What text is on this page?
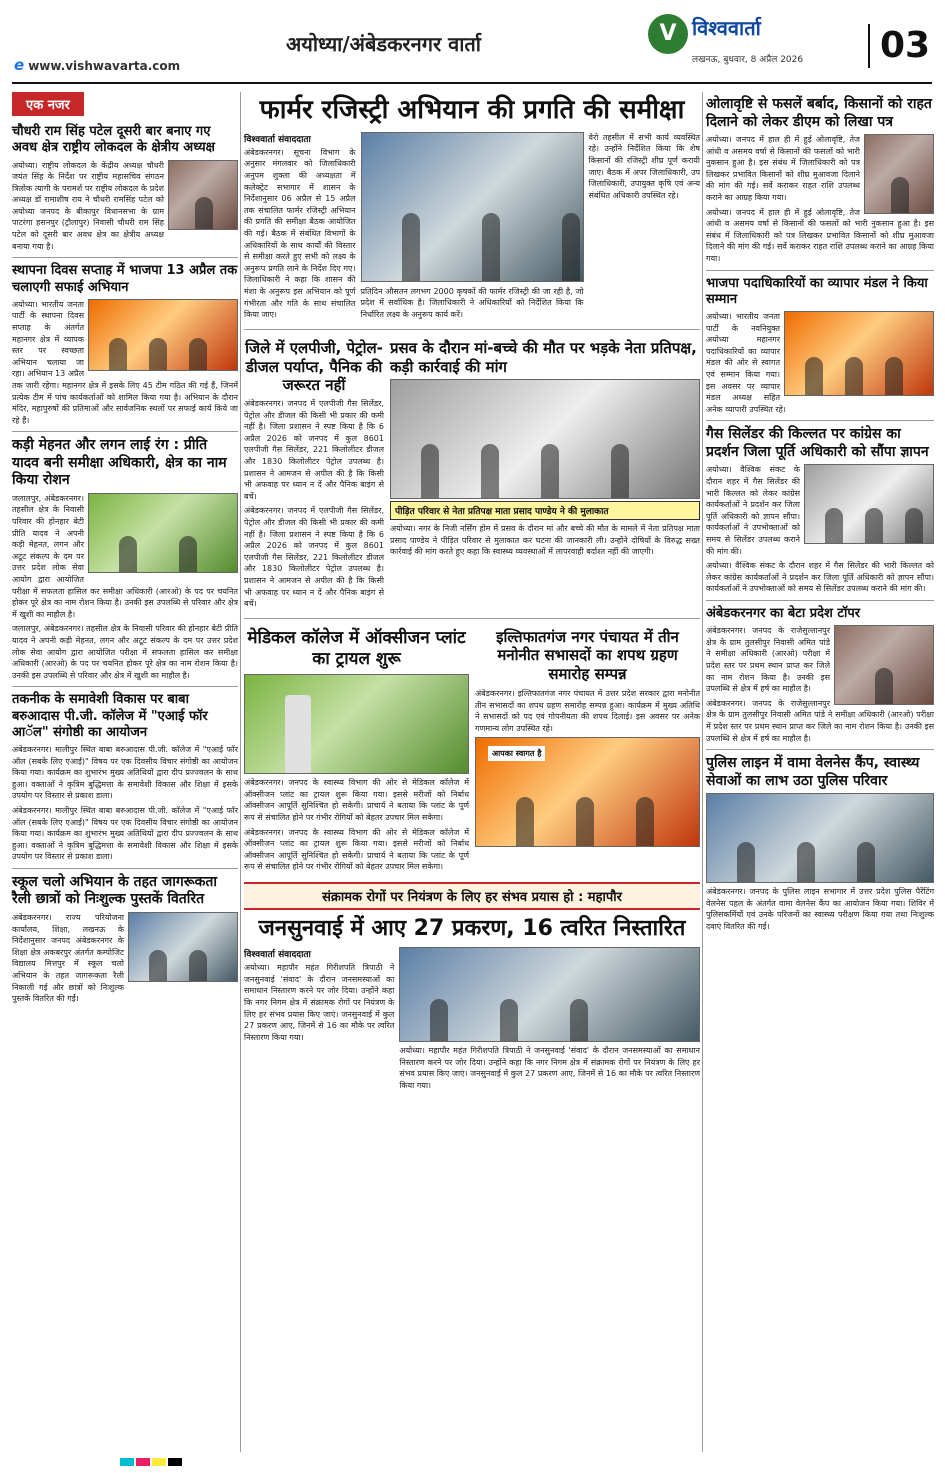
अयोध्या/अंबेडकरनगर वार्ता
e www.vishwavarta.com
V विश्ववार्ता
लखनऊ, बुधवार, 8 अप्रैल 2026	03
एक नजर
चौधरी राम सिंह पटेल दूसरी बार बनाए गए अवध क्षेत्र राष्ट्रीय लोकदल के क्षेत्रीय अध्यक्ष

अयोध्या। राष्ट्रीय लोकदल के केंद्रीय अध्यक्ष चौधरी जयंत सिंह के निर्देश पर राष्ट्रीय महासचिव संगठन त्रिलोक त्यागी के परामर्श पर राष्ट्रीय लोकदल के प्रदेश अध्यक्ष डॉ रामाशीष राय ने चौधरी रामसिंह पटेल को अयोध्या जनपद के बीकापुर विधानसभा के ग्राम पाटरंगा हसनपुर (ट्रौलापुर) निवासी चौधरी राम सिंह पटेल को दूसरी बार अवध क्षेत्र का क्षेत्रीय अध्यक्ष बनाया गया है।

स्थापना दिवस सप्ताह में भाजपा 13 अप्रैल तक चलाएगी सफाई अभियान

अयोध्या। भारतीय जनता पार्टी के स्थापना दिवस सप्ताह के अंतर्गत महानगर क्षेत्र में व्यापक स्तर पर स्वच्छता अभियान चलाया जा रहा। अभियान 13 अप्रैल तक जारी रहेगा। महानगर क्षेत्र में इसके लिए 45 टीम गठित की गई हैं, जिनमें प्रत्येक टीम में पांच कार्यकर्ताओं को शामिल किया गया है। अभियान के दौरान मंदिर, महापुरुषों की प्रतिमाओं और सार्वजनिक स्थलों पर सफाई कार्य किये जा रहे हैं।

कड़ी मेहनत और लगन लाई रंग : प्रीति यादव बनी समीक्षा अधिकारी, क्षेत्र का नाम किया रोशन

जलालपुर, अंबेडकरनगर। तहसील क्षेत्र के निवासी परिवार की होनहार बेटी प्रीति यादव ने अपनी कड़ी मेहनत, लगन और अटूट संकल्प के दम पर उत्तर प्रदेश लोक सेवा आयोग द्वारा आयोजित परीक्षा में सफलता हासिल कर समीक्षा अधिकारी (आरओ) के पद पर चयनित होकर पूरे क्षेत्र का नाम रोशन किया है। उनकी इस उपलब्धि से परिवार और क्षेत्र में खुशी का माहौल है।

जलालपुर, अंबेडकरनगर। तहसील क्षेत्र के निवासी परिवार की होनहार बेटी प्रीति यादव ने अपनी कड़ी मेहनत, लगन और अटूट संकल्प के दम पर उत्तर प्रदेश लोक सेवा आयोग द्वारा आयोजित परीक्षा में सफलता हासिल कर समीक्षा अधिकारी (आरओ) के पद पर चयनित होकर पूरे क्षेत्र का नाम रोशन किया है। उनकी इस उपलब्धि से परिवार और क्षेत्र में खुशी का माहौल है।

तकनीक के समावेशी विकास पर बाबा बरुआदास पी.जी. कॉलेज में "एआई फॉर आॅल" संगोष्ठी का आयोजन

अंबेडकरनगर। मालीपुर स्थित बाबा बरुआदास पी.जी. कॉलेज में "एआई फॉर ऑल (सबके लिए एआई)" विषय पर एक दिवसीय विचार संगोष्ठी का आयोजन किया गया। कार्यक्रम का शुभारंभ मुख्य अतिथियों द्वारा दीप प्रज्ज्वलन के साथ हुआ। वक्ताओं ने कृत्रिम बुद्धिमत्ता के समावेशी विकास और शिक्षा में इसके उपयोग पर विस्तार से प्रकाश डाला।

अंबेडकरनगर। मालीपुर स्थित बाबा बरुआदास पी.जी. कॉलेज में "एआई फॉर ऑल (सबके लिए एआई)" विषय पर एक दिवसीय विचार संगोष्ठी का आयोजन किया गया। कार्यक्रम का शुभारंभ मुख्य अतिथियों द्वारा दीप प्रज्ज्वलन के साथ हुआ। वक्ताओं ने कृत्रिम बुद्धिमत्ता के समावेशी विकास और शिक्षा में इसके उपयोग पर विस्तार से प्रकाश डाला।

स्कूल चलो अभियान के तहत जागरूकता रैली छात्रों को निःशुल्क पुस्तकें वितरित

अंबेडकरनगर। राज्य परियोजना कार्यालय, शिक्षा, लखनऊ के निर्देशानुसार जनपद अंबेडकरनगर के शिक्षा क्षेत्र अकबरपुर अंतर्गत कम्पोजिट विद्यालय मित्तपुर में स्कूल चलो अभियान के तहत जागरूकता रैली निकाली गई और छात्रों को निःशुल्क पुस्तकें वितरित की गईं।

फार्मर रजिस्ट्री अभियान की प्रगति की समीक्षा
विश्ववार्ता संवाददाता

अंबेडकरनगर। सूचना विभाग के अनुसार मंगलवार को जिलाधिकारी अनुपम शुक्ला की अध्यक्षता में कलेक्ट्रेट सभागार में शासन के निर्देशानुसार 06 अप्रैल से 15 अप्रैल तक संचालित फार्मर रजिस्ट्री अभियान की प्रगति की समीक्षा बैठक आयोजित की गई। बैठक में संबंधित विभागों के अधिकारियों के साथ कार्यों की विस्तार से समीक्षा करते हुए सभी को लक्ष्य के अनुरूप प्रगति लाने के निर्देश दिए गए। जिलाधिकारी ने कहा कि शासन की मंशा के अनुरूप इस अभियान को पूर्ण गंभीरता और गति के साथ संचालित किया जाए।

प्रतिदिन औसतन लगभग 2000 कृषकों की फार्मर रजिस्ट्री की जा रही है, जो प्रदेश में सर्वाधिक है। जिलाधिकारी ने अधिकारियों को निर्देशित किया कि निर्धारित लक्ष्य के अनुरूप कार्य करें।

वेरो तहसील में सभी कार्य व्यवस्थित रहे। उन्होंने निर्देशित किया कि शेष किसानों की रजिस्ट्री शीघ्र पूर्ण करायी जाए। बैठक में अपर जिलाधिकारी, उप जिलाधिकारी, उपायुक्त कृषि एवं अन्य संबंधित अधिकारी उपस्थित रहे।

जिले में एलपीजी, पेट्रोल-डीजल पर्याप्त, पैनिक की जरूरत नहीं

अंबेडकरनगर। जनपद में एलपीजी गैस सिलेंडर, पेट्रोल और डीजल की किसी भी प्रकार की कमी नहीं है। जिला प्रशासन ने स्पष्ट किया है कि 6 अप्रैल 2026 को जनपद में कुल 8601 एलपीजी गैस सिलेंडर, 221 किलोलीटर डीजल और 1830 किलोलीटर पेट्रोल उपलब्ध है। प्रशासन ने आमजन से अपील की है कि किसी भी अफवाह पर ध्यान न दें और पैनिक बाइंग से बचें।

अंबेडकरनगर। जनपद में एलपीजी गैस सिलेंडर, पेट्रोल और डीजल की किसी भी प्रकार की कमी नहीं है। जिला प्रशासन ने स्पष्ट किया है कि 6 अप्रैल 2026 को जनपद में कुल 8601 एलपीजी गैस सिलेंडर, 221 किलोलीटर डीजल और 1830 किलोलीटर पेट्रोल उपलब्ध है। प्रशासन ने आमजन से अपील की है कि किसी भी अफवाह पर ध्यान न दें और पैनिक बाइंग से बचें।

प्रसव के दौरान मां-बच्चे की मौत पर भड़के नेता प्रतिपक्ष, कड़ी कार्रवाई की मांग
पीड़ित परिवार से नेता प्रतिपक्ष माता प्रसाद पाण्डेय ने की मुलाकात

अयोध्या। नगर के निजी नर्सिंग होम में प्रसव के दौरान मां और बच्चे की मौत के मामले में नेता प्रतिपक्ष माता प्रसाद पाण्डेय ने पीड़ित परिवार से मुलाकात कर घटना की जानकारी ली। उन्होंने दोषियों के विरुद्ध सख्त कार्रवाई की मांग करते हुए कहा कि स्वास्थ्य व्यवस्थाओं में लापरवाही बर्दाश्त नहीं की जाएगी।

मेडिकल कॉलेज में ऑक्सीजन प्लांट का ट्रायल शुरू

अंबेडकरनगर। जनपद के स्वास्थ्य विभाग की ओर से मेडिकल कॉलेज में ऑक्सीजन प्लांट का ट्रायल शुरू किया गया। इससे मरीजों को निर्बाध ऑक्सीजन आपूर्ति सुनिश्चित हो सकेगी। प्राचार्य ने बताया कि प्लांट के पूर्ण रूप से संचालित होने पर गंभीर रोगियों को बेहतर उपचार मिल सकेगा।

अंबेडकरनगर। जनपद के स्वास्थ्य विभाग की ओर से मेडिकल कॉलेज में ऑक्सीजन प्लांट का ट्रायल शुरू किया गया। इससे मरीजों को निर्बाध ऑक्सीजन आपूर्ति सुनिश्चित हो सकेगी। प्राचार्य ने बताया कि प्लांट के पूर्ण रूप से संचालित होने पर गंभीर रोगियों को बेहतर उपचार मिल सकेगा।

इल्तिफातगंज नगर पंचायत में तीन मनोनीत सभासदों का शपथ ग्रहण समारोह सम्पन्न

अंबेडकरनगर। इल्तिफातगंज नगर पंचायत में उत्तर प्रदेश सरकार द्वारा मनोनीत तीन सभासदों का शपथ ग्रहण समारोह सम्पन्न हुआ। कार्यक्रम में मुख्य अतिथि ने सभासदों को पद एवं गोपनीयता की शपथ दिलाई। इस अवसर पर अनेक गणमान्य लोग उपस्थित रहे।

आपका स्वागत है
संक्रामक रोगों पर नियंत्रण के लिए हर संभव प्रयास हो : महापौर
जनसुनवाई में आए 27 प्रकरण, 16 त्वरित निस्तारित
विश्ववार्ता संवाददाता

अयोध्या। महापौर महंत गिरीशपति त्रिपाठी ने जनसुनवाई 'संवाद' के दौरान जनसमस्याओं का समाधान निस्तारण करने पर जोर दिया। उन्होंने कहा कि नगर निगम क्षेत्र में संक्रामक रोगों पर नियंत्रण के लिए हर संभव प्रयास किए जाएं। जनसुनवाई में कुल 27 प्रकरण आए, जिनमें से 16 का मौके पर त्वरित निस्तारण किया गया।

अयोध्या। महापौर महंत गिरीशपति त्रिपाठी ने जनसुनवाई 'संवाद' के दौरान जनसमस्याओं का समाधान निस्तारण करने पर जोर दिया। उन्होंने कहा कि नगर निगम क्षेत्र में संक्रामक रोगों पर नियंत्रण के लिए हर संभव प्रयास किए जाएं। जनसुनवाई में कुल 27 प्रकरण आए, जिनमें से 16 का मौके पर त्वरित निस्तारण किया गया।

ओलावृष्टि से फसलें बर्बाद, किसानों को राहत दिलाने को लेकर डीएम को लिखा पत्र

अयोध्या। जनपद में हाल ही में हुई ओलावृष्टि, तेज आंधी व असमय वर्षा से किसानों की फसलों को भारी नुकसान हुआ है। इस संबंध में जिलाधिकारी को पत्र लिखकर प्रभावित किसानों को शीघ्र मुआवजा दिलाने की मांग की गई। सर्वे कराकर राहत राशि उपलब्ध कराने का आग्रह किया गया।

अयोध्या। जनपद में हाल ही में हुई ओलावृष्टि, तेज आंधी व असमय वर्षा से किसानों की फसलों को भारी नुकसान हुआ है। इस संबंध में जिलाधिकारी को पत्र लिखकर प्रभावित किसानों को शीघ्र मुआवजा दिलाने की मांग की गई। सर्वे कराकर राहत राशि उपलब्ध कराने का आग्रह किया गया।

भाजपा पदाधिकारियों का व्यापार मंडल ने किया सम्मान

अयोध्या। भारतीय जनता पार्टी के नवनियुक्त अयोध्या महानगर पदाधिकारियों का व्यापार मंडल की ओर से स्वागत एवं सम्मान किया गया। इस अवसर पर व्यापार मंडल अध्यक्ष सहित अनेक व्यापारी उपस्थित रहे।

गैस सिलेंडर की किल्लत पर कांग्रेस का प्रदर्शन जिला पूर्ति अधिकारी को सौंपा ज्ञापन

अयोध्या। वैश्विक संकट के दौरान शहर में गैस सिलेंडर की भारी किल्लत को लेकर कांग्रेस कार्यकर्ताओं ने प्रदर्शन कर जिला पूर्ति अधिकारी को ज्ञापन सौंपा। कार्यकर्ताओं ने उपभोक्ताओं को समय से सिलेंडर उपलब्ध कराने की मांग की।

अयोध्या। वैश्विक संकट के दौरान शहर में गैस सिलेंडर की भारी किल्लत को लेकर कांग्रेस कार्यकर्ताओं ने प्रदर्शन कर जिला पूर्ति अधिकारी को ज्ञापन सौंपा। कार्यकर्ताओं ने उपभोक्ताओं को समय से सिलेंडर उपलब्ध कराने की मांग की।

अंबेडकरनगर का बेटा प्रदेश टॉपर

अंबेडकरनगर। जनपद के राजेसुल्तानपुर क्षेत्र के ग्राम तुलसीपुर निवासी अमित पांडे ने समीक्षा अधिकारी (आरओ) परीक्षा में प्रदेश स्तर पर प्रथम स्थान प्राप्त कर जिले का नाम रोशन किया है। उनकी इस उपलब्धि से क्षेत्र में हर्ष का माहौल है।

अंबेडकरनगर। जनपद के राजेसुल्तानपुर क्षेत्र के ग्राम तुलसीपुर निवासी अमित पांडे ने समीक्षा अधिकारी (आरओ) परीक्षा में प्रदेश स्तर पर प्रथम स्थान प्राप्त कर जिले का नाम रोशन किया है। उनकी इस उपलब्धि से क्षेत्र में हर्ष का माहौल है।

पुलिस लाइन में वामा वेलनेस कैंप, स्वास्थ्य सेवाओं का लाभ उठा पुलिस परिवार

अंबेडकरनगर। जनपद के पुलिस लाइन सभागार में उत्तर प्रदेश पुलिस पैरेंटिंग वेलनेस पहल के अंतर्गत वामा वेलनेस कैंप का आयोजन किया गया। शिविर में पुलिसकर्मियों एवं उनके परिजनों का स्वास्थ्य परीक्षण किया गया तथा निःशुल्क दवाएं वितरित की गईं।
